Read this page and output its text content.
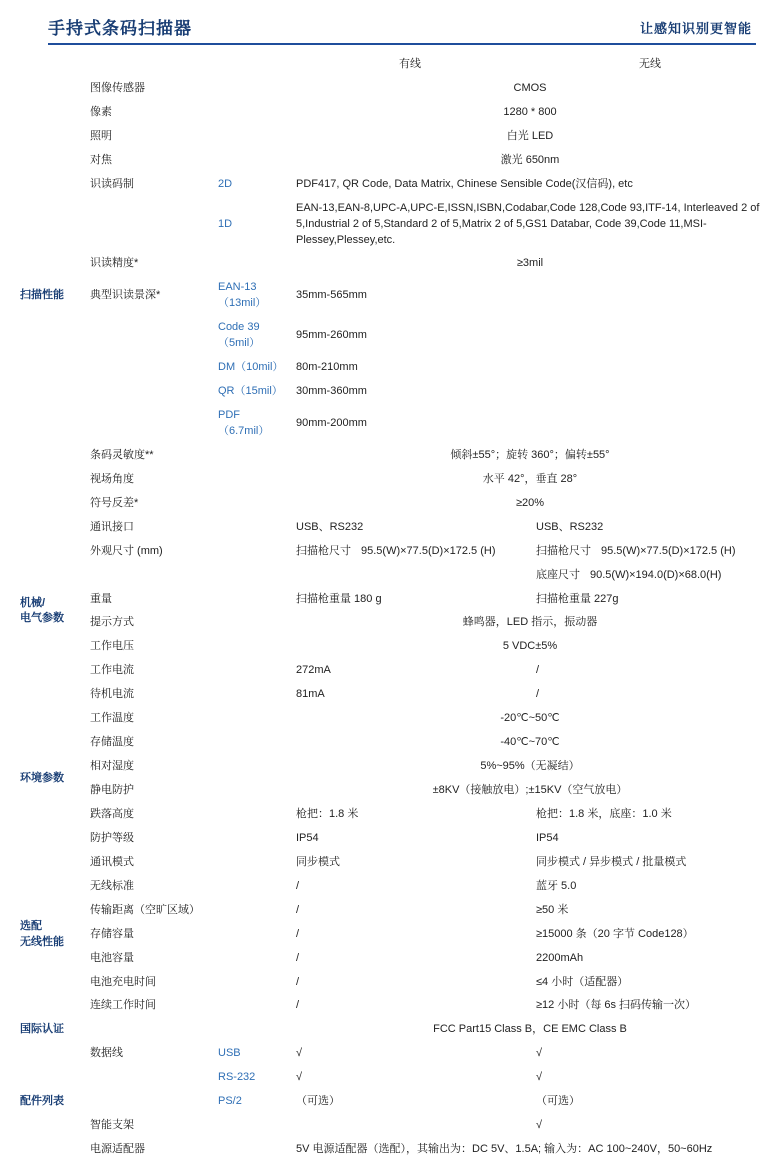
手持式条码扫描器	让感知识别更智能
			有线	无线
扫描性能	图像传感器		CMOS	
	像素		1280 * 800	
	照明		白光 LED	
	对焦		激光 650nm	
	识读码制	2D	PDF417, QR Code, Data Matrix, Chinese Sensible Code(汉信码), etc	
		1D	EAN-13,EAN-8,UPC-A,UPC-E,ISSN,ISBN,Codabar,Code 128,Code 93,ITF-14, Interleaved 2 of 5,Industrial 2 of 5,Standard 2 of 5,Matrix 2 of 5,GS1 Databar, Code 39,Code 11,MSI-Plessey,Plessey,etc.	
	识读精度*		≥3mil	
	典型识读景深*	EAN-13（13mil）	35mm-565mm	
		Code 39（5mil）	95mm-260mm	
		DM（10mil）	80m-210mm	
		QR（15mil）	30mm-360mm	
		PDF（6.7mil）	90mm-200mm	
	条码灵敏度**		倾斜±55°；旋转 360°；偏转±55°	
	视场角度		水平 42°，垂直 28°	
	符号反差*		≥20%	

机械/
电气参数	通讯接口		USB、RS232	USB、RS232
	外观尺寸 (mm)		扫描枪尺寸 95.5(W)×77.5(D)×172.5 (H)	扫描枪尺寸 95.5(W)×77.5(D)×172.5 (H)
				底座尺寸 90.5(W)×194.0(D)×68.0(H)
	重量		扫描枪重量 180 g	扫描枪重量 227g
	提示方式		蜂鸣器，LED 指示，振动器	
	工作电压		5 VDC±5%	
	工作电流		272mA	/
	待机电流		81mA	/
环境参数	工作温度		-20℃~50℃	
	存储温度		-40℃~70℃	
	相对湿度		5%~95%（无凝结）	
	静电防护		±8KV（接触放电）;±15KV（空气放电）	
	跌落高度		枪把：1.8 米	枪把：1.8 米，底座：1.0 米
	防护等级		IP54	IP54

选配
无线性能	通讯模式		同步模式	同步模式 / 异步模式 / 批量模式
	无线标准		/	蓝牙 5.0
	传输距离（空旷区域）		/	≥50 米
	存储容量		/	≥15000 条（20 字节 Code128）
	电池容量		/	2200mAh
	电池充电时间		/	≤4 小时（适配器）
	连续工作时间		/	≥12 小时（每 6s 扫码传输一次）
国际认证			FCC Part15 Class B，CE EMC Class B	
配件列表	数据线	USB	√	√
		RS-232	√	√
		PS/2	（可选）	（可选）
	智能支架			√
	电源适配器		5V 电源适配器（选配），其输出为：DC 5V、1.5A; 输入为：AC 100~240V，50~60Hz	
